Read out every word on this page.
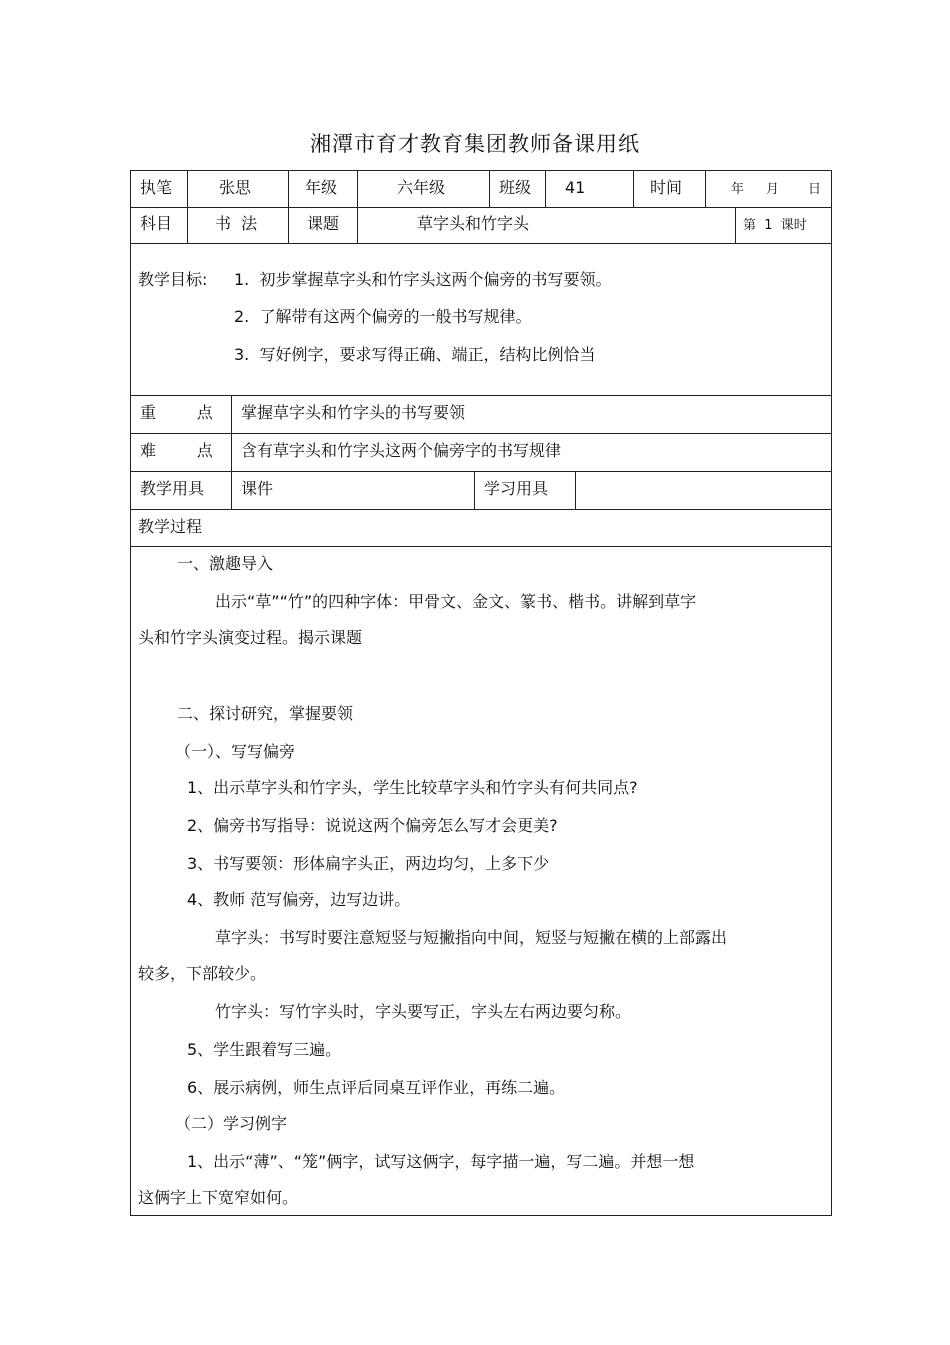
湘潭市育才教育集团教师备课用纸
执笔	张思	年级	六年级	班级 41	时间	年 月 日
科目	书  法	课题	草字头和竹字头	第  1  课时
教学目标: 1.  初步掌握草字头和竹字头这两个偏旁的书写要领。
2.  了解带有这两个偏旁的一般书写规律。
3.  写好例字，要求写得正确、端正，结构比例恰当
重        点 掌握草字头和竹字头的书写要领
难        点 含有草字头和竹字头这两个偏旁字的书写规律
教学用具 课件	学习用具
教学过程
一、激趣导入
出示“草”“竹”的四种字体：甲骨文、金文、篆书、楷书。讲解到草字
头和竹字头演变过程。揭示课题
二、探讨研究，掌握要领
（一）、写写偏旁
1、出示草字头和竹字头，学生比较草字头和竹字头有何共同点?
2、偏旁书写指导：说说这两个偏旁怎么写才会更美?
3、书写要领：形体扁字头正，两边均匀，上多下少
4、教师 范写偏旁，边写边讲。
草字头：书写时要注意短竖与短撇指向中间，短竖与短撇在横的上部露出
较多，下部较少。
竹字头：写竹字头时，字头要写正，字头左右两边要匀称。
5、学生跟着写三遍。
6、展示病例，师生点评后同桌互评作业，再练二遍。
（二）学习例字
1、出示“薄”、“笼”俩字，试写这俩字，每字描一遍，写二遍。并想一想
这俩字上下宽窄如何。
